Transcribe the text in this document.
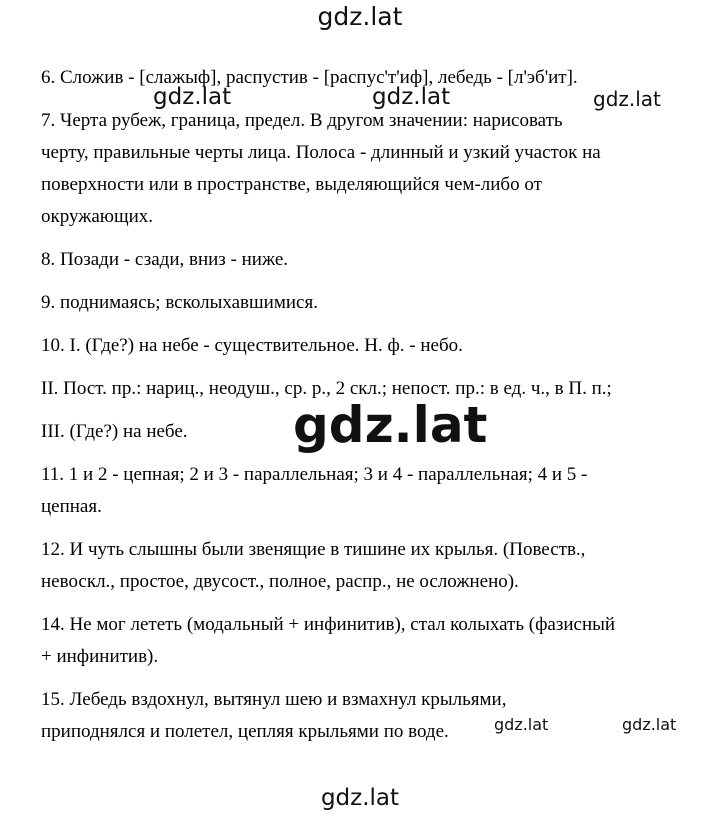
gdz.lat
gdz.lat	gdz.lat	gdz.lat
gdz.lat
gdz.lat	gdz.lat
gdz.lat

6. Сложив - [слажыф], распустив - [распус'т'иф], лебедь - [л'эб'ит].

7. Черта рубеж, граница, предел. В другом значении: нарисовать
черту, правильные черты лица. Полоса - длинный и узкий участок на
поверхности или в пространстве, выделяющийся чем-либо от
окружающих.

8. Позади - сзади, вниз - ниже.

9. поднимаясь; всколыхавшимися.

10. I. (Где?) на небе - существительное. Н. ф. - небо.

II. Пост. пр.: нариц., неодуш., ср. р., 2 скл.; непост. пр.: в ед. ч., в П. п.;

III. (Где?) на небе.

11. 1 и 2 - цепная; 2 и 3 - параллельная; 3 и 4 - параллельная; 4 и 5 -
цепная.

12. И чуть слышны были звенящие в тишине их крылья. (Повеств.,
невоскл., простое, двусост., полное, распр., не осложнено).

14. Не мог лететь (модальный + инфинитив), стал колыхать (фазисный
+ инфинитив).

15. Лебедь вздохнул, вытянул шею и взмахнул крыльями,
приподнялся и полетел, цепляя крыльями по воде.
